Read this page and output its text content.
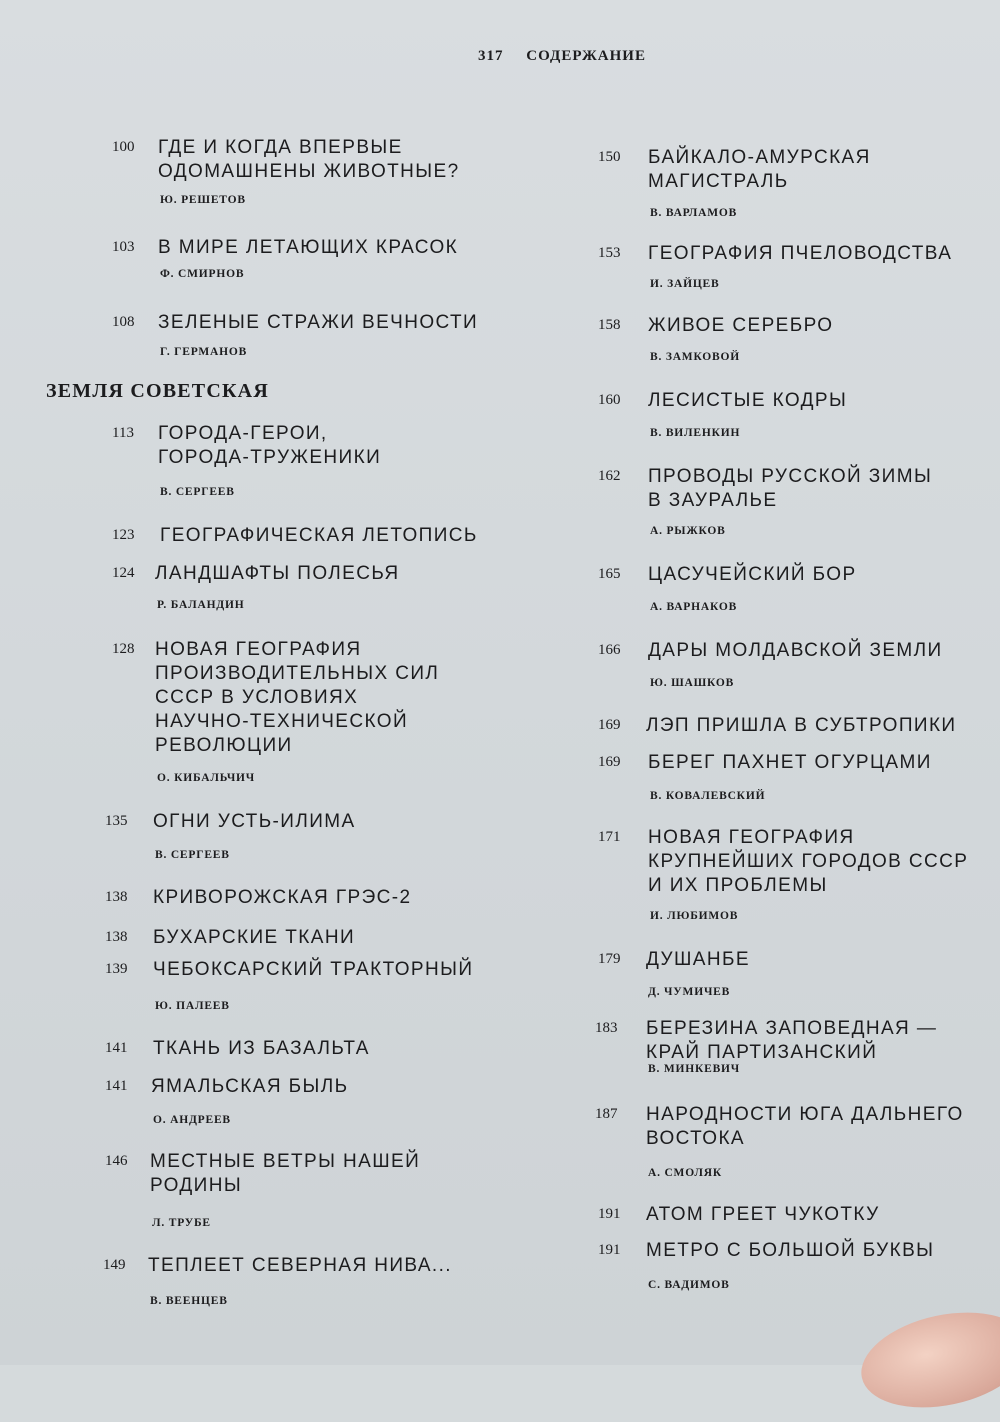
317 СОДЕРЖАНИЕ
ЗЕМЛЯ СОВЕТСКАЯ
100	ГДЕ И КОГДА ВПЕРВЫЕ
ОДОМАШНЕНЫ ЖИВОТНЫЕ?
Ю. РЕШЕТОВ
103	В МИРЕ ЛЕТАЮЩИХ КРАСОК
Ф. СМИРНОВ
108	ЗЕЛЕНЫЕ СТРАЖИ ВЕЧНОСТИ
Г. ГЕРМАНОВ
113	ГОРОДА-ГЕРОИ,
ГОРОДА-ТРУЖЕНИКИ
В. СЕРГЕЕВ
123	ГЕОГРАФИЧЕСКАЯ ЛЕТОПИСЬ
124	ЛАНДШАФТЫ ПОЛЕСЬЯ
Р. БАЛАНДИН
128	НОВАЯ ГЕОГРАФИЯ
ПРОИЗВОДИТЕЛЬНЫХ СИЛ
СССР В УСЛОВИЯХ
НАУЧНО-ТЕХНИЧЕСКОЙ
РЕВОЛЮЦИИ
О. КИБАЛЬЧИЧ
135	ОГНИ УСТЬ-ИЛИМА
В. СЕРГЕЕВ
138	КРИВОРОЖСКАЯ ГРЭС-2
138	БУХАРСКИЕ ТКАНИ
139	ЧЕБОКСАРСКИЙ ТРАКТОРНЫЙ
Ю. ПАЛЕЕВ
141	ТКАНЬ ИЗ БАЗАЛЬТА
141	ЯМАЛЬСКАЯ БЫЛЬ
О. АНДРЕЕВ
146	МЕСТНЫЕ ВЕТРЫ НАШЕЙ
РОДИНЫ
Л. ТРУБЕ
149	ТЕПЛЕЕТ СЕВЕРНАЯ НИВА...
В. ВЕЕНЦЕВ
150	БАЙКАЛО-АМУРСКАЯ
МАГИСТРАЛЬ
В. ВАРЛАМОВ
153	ГЕОГРАФИЯ ПЧЕЛОВОДСТВА
И. ЗАЙЦЕВ
158	ЖИВОЕ СЕРЕБРО
В. ЗАМКОВОЙ
160	ЛЕСИСТЫЕ КОДРЫ
В. ВИЛЕНКИН
162	ПРОВОДЫ РУССКОЙ ЗИМЫ
В ЗАУРАЛЬЕ
А. РЫЖКОВ
165	ЦАСУЧЕЙСКИЙ БОР
А. ВАРНАКОВ
166	ДАРЫ МОЛДАВСКОЙ ЗЕМЛИ
Ю. ШАШКОВ
169	ЛЭП ПРИШЛА В СУБТРОПИКИ
169	БЕРЕГ ПАХНЕТ ОГУРЦАМИ
В. КОВАЛЕВСКИЙ
171	НОВАЯ ГЕОГРАФИЯ
КРУПНЕЙШИХ ГОРОДОВ СССР
И ИХ ПРОБЛЕМЫ
И. ЛЮБИМОВ
179	ДУШАНБЕ
Д. ЧУМИЧЕВ
183	БЕРЕЗИНА ЗАПОВЕДНАЯ —
КРАЙ ПАРТИЗАНСКИЙ
В. МИНКЕВИЧ
187	НАРОДНОСТИ ЮГА ДАЛЬНЕГО
ВОСТОКА
А. СМОЛЯК
191	АТОМ ГРЕЕТ ЧУКОТКУ
191	МЕТРО С БОЛЬШОЙ БУКВЫ
С. ВАДИМОВ
